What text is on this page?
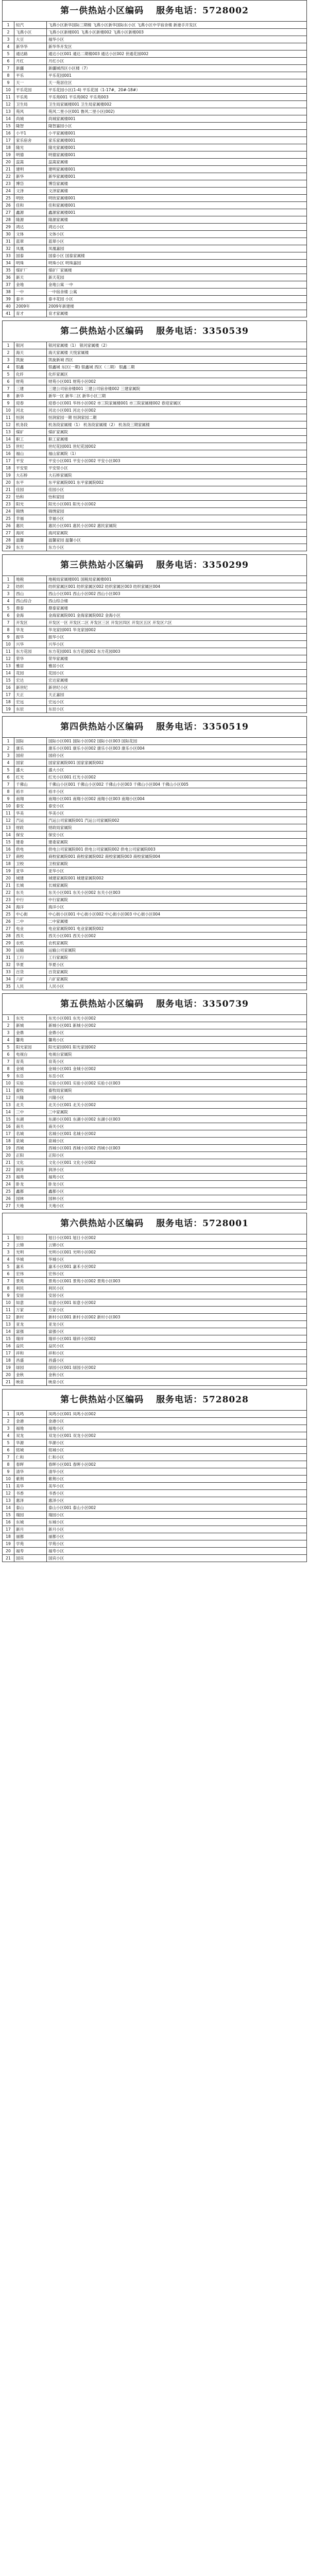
第一供热站小区编码 服务电话：5728002
1	轻汽	飞燕小区新华国际三期楼 飞燕小区新华国际东小区 飞燕小区中学宿舍楼 新港手开发区
2	飞燕小区	飞燕小区新楼001 飞燕小区新楼002 飞燕小区新楼003
3	大豆	福华小区
4	新华华	新华华开发区
5	通达路	通达小区001 通达二期楼003 通达小区002 世通花园002
6	月红	月红小区
7	新疆	新疆城西区小区楼（7）
8	平乐	平乐花园001
9	天一	天一苑居住区
10	平乐花园	平乐花园小区(1-4) 平乐花园（1-17#，20#-18#）
11	平乐苑	平乐苑001 平乐苑002 平乐苑003
12	卫生局	卫生局家属楼001 卫生局家属楼002
13	苑风	苑风二里小区001 鲁风二里小区(002)
14	尚城	尚城家属楼001
15	隆智	隆智嘉园小区
16	小平1	小平家属楼001
17	家乐宿舍	家乐家属楼001
18	隆光	隆光家属楼001
19	明德	明德家属楼001
20	蕊嵩	蕊嵩家属楼
21	建明	建明家属楼001
22	新华	新华家属楼001
23	博岱	博岱家属楼
24	文泽	文泽家属楼
25	明欣	明欣家属楼001
26	佳和	佳和家属楼001
27	鑫源	鑫源家属楼001
28	隆源	隆源家属楼
29	鸿达	鸿达小区
30	文体	文体小区
31	蓝翠	蓝翠小区
32	凤凰	凤凰嘉园
33	国泰	国泰小区 国泰家属楼
34	明珠	明珠小区 明珠嘉园
35	煤矿厂	煤矿厂家属楼
36	新天	新天花园
37	金地	金地公寓 一中
38	一中	一中宿舍楼 公寓
39	泰丰	泰丰花园 小区
40	2009年	2009年新建楼
41	育才	育才家属楼
第二供热站小区编码 服务电话：3350539
1	银河	银河家属楼（1） 银河家属楼（2）
2	海天	海天家属楼 天悦家属楼
3	凯旋	凯旋新城 西区
4	银鑫	银鑫城 东区(一期) 银鑫城 西区（二期） 银鑫二期
5	化纤	化纤家属区
6	财苑	财苑小区001 财苑小区002
7	三建	三建公司宿舍楼001 三建公司宿舍楼002 三建家属院
8	新华	新华一区 新华二区 新华小区三期
9	迎春	迎春小区001 华玮小区002 市三院家属楼001 市三院家属楼002 春迎家属区
10	河北	河北小区001 河北小区002
11	恒润	恒润家园一期 恒润家园二期
12	机务段	机务段家属楼（1） 机务段家属楼（2） 机务段三期家属楼
13	煤矿	煤矿家属院
14	职工	职工家属楼
15	世纪	世纪花园001 世纪花园002
16	福山	福山家属院（1）
17	平安	平安小区001 平安小区002 平安小区003
18	平安里	平安里小区
19	大石桥	大石桥家属院
20	东平	东平家属院001 东平家属院002
21	佳园	佳园小区
22	怡和	怡和家园
23	阳光	阳光小区001 阳光小区002
24	锦绣	锦绣家园
25	幸福	幸福小区
26	惠民	惠民小区001 惠民小区002 惠民家属院
27	海河	海河家属院
28	温馨	温馨家园 温馨小区
29	东方	东方小区
第三供热站小区编码 服务电话：3350299
1	地税	地税局家属楼001 国税局家属楼001
2	纺织	纺织家属区001 纺织家属区002 纺织家属区003 纺织家属区004
3	西山	西山小区001 西山小区002 西山小区003
4	西山综合	西山综合楼
5	鼎泰	鼎泰家属楼
6	金海	金海家属院001 金海家属院002 金海小区
7	开发区	开发区一区 开发区二区 开发区三区 开发区四区 开发区五区 开发区六区
8	华龙	华龙家园001 华龙家园002
9	振华	振华小区
10	兴华	兴华小区
11	东方花园	东方花园001 东方花园002 东方花园003
12	荣华	荣华家属楼
13	雅居	雅居小区
14	花园	花园小区
15	宏达	宏达家属楼
16	新世纪	新世纪小区
17	天正	天正嘉园
18	宏远	宏远小区
19	东辰	东辰小区
第四供热站小区编码 服务电话：3350519
1	国际	国际小区001 国际小区002 国际小区003 国际花园
2	康乐	康乐小区001 康乐小区002 康乐小区003 康乐小区004
3	国府	国府小区
4	国家	国家家属院001 国家家属院002
5	盛大	盛大小区
6	红光	红光小区001 红光小区002
7	千佛山	千佛山小区001 千佛山小区002 千佛山小区003 千佛山小区004 千佛山小区005
8	裕丰	裕丰小区
9	南翔	南翔小区001 南翔小区002 南翔小区003 南翔小区004
10	泰安	泰安小区
11	华美	华美小区
12	汽运	汽运公司家属院001 汽运公司家属院002
13	财政	财政局家属院
14	保安	保安小区
15	建委	建委家属院
16	供电	供电公司家属院001 供电公司家属院002 供电公司家属院003
17	商校	商校家属院001 商校家属院002 商校家属院003 商校家属院004
18	卫校	卫校家属院
19	亚华	亚华小区
20	城建	城建家属院001 城建家属院002
21	长城	长城家属院
22	东关	东关小区001 东关小区002 东关小区003
23	中行	中行家属院
24	海洋	海洋小区
25	中心街	中心街小区001 中心街小区002 中心街小区003 中心街小区004
26	二中	二中家属楼
27	电业	电业家属院001 电业家属院002
28	西关	西关小区001 西关小区002
29	农机	农机家属院
30	运输	运输公司家属院
31	工行	工行家属院
32	华夏	华夏小区
33	百货	百货家属院
34	六矿	六矿家属院
35	人民	人民小区
第五供热站小区编码 服务电话：3350739
1	东光	东光小区001 东光小区002
2	新城	新城小区001 新城小区002
3	金鼎	金鼎小区
4	馨苑	馨苑小区
5	阳光家园	阳光家园001 阳光家园002
6	电视台	电视台家属院
7	育英	育英小区
8	金城	金城小区001 金城小区002
9	东岳	东岳小区
10	实验	实验小区001 实验小区002 实验小区003
11	畜牧	畜牧局家属院
12	兴隆	兴隆小区
13	北关	北关小区001 北关小区002
14	三中	三中家属院
15	东湖	东湖小区001 东湖小区002 东湖小区003
16	南关	南关小区
17	名城	名城小区001 名城小区002
18	泉城	泉城小区
19	西城	西城小区001 西城小区002 西城小区003
20	正阳	正阳小区
21	文化	文化小区001 文化小区002
22	润泽	润泽小区
23	福苑	福苑小区
24	卧龙	卧龙小区
25	鑫都	鑫都小区
26	园林	园林小区
27	天地	天地小区
第六供热站小区编码 服务电话：5728001
1	旭日	旭日小区001 旭日小区002
2	云锦	云锦小区
3	光明	光明小区001 光明小区002
4	华城	华城小区
5	嘉禾	嘉禾小区001 嘉禾小区002
6	宏伟	宏伟小区
7	景苑	景苑小区001 景苑小区002 景苑小区003
8	利民	利民小区
9	安居	安居小区
10	如意	如意小区001 如意小区002
11	万家	万家小区
12	新村	新村小区001 新村小区002 新村小区003
13	亚龙	亚龙小区
14	富强	富强小区
15	瑞祥	瑞祥小区001 瑞祥小区002
16	益民	益民小区
17	祥和	祥和小区
18	昌盛	昌盛小区
19	绿园	绿园小区001 绿园小区002
20	金秋	金秋小区
21	映泉	映泉小区
第七供热站小区编码 服务电话：5728028
1	凤鸣	凤鸣小区001 凤鸣小区002
2	金港	金港小区
3	福地	福地小区
4	双龙	双龙小区001 双龙小区002
5	华源	华源小区
6	铭城	铭城小区
7	仁和	仁和小区
8	春晖	春晖小区001 春晖小区002
9	清华	清华小区
10	紫荆	紫荆小区
11	美华	美华小区
12	书香	书香小区
13	惠泽	惠泽小区
14	泰山	泰山小区001 泰山小区002
15	瑞园	瑞园小区
16	东城	东城小区
17	新月	新月小区
18	丽都	丽都小区
19	学苑	学苑小区
20	福寿	福寿小区
21	国宾	国宾小区
